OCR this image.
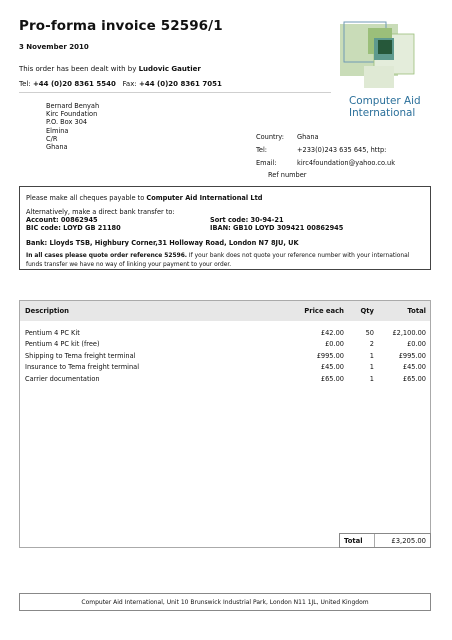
Pro-forma invoice 52596/1
3 November 2010
This order has been dealt with by Ludovic Gautier
Tel: +44 (0)20 8361 5540 Fax: +44 (0)20 8361 7051
Computer Aid
International
Bernard Benyah
Kirc Foundation
P.O. Box 304
Elmina
C/R
Ghana
Country:	Ghana
Tel:	+233(0)243 635 645, http:
Email:	kirc4foundation@yahoo.co.uk
Ref number
Please make all cheques payable to Computer Aid International Ltd
Alternatively, make a direct bank transfer to:
Account: 00862945	Sort code: 30-94-21
BIC code: LOYD GB 21180	IBAN: GB10 LOYD 309421 00862945
Bank: Lloyds TSB, Highbury Corner,31 Holloway Road, London N7 8JU, UK
In all cases please quote order reference 52596. If your bank does not quote your reference number with your international
funds transfer we have no way of linking your payment to your order.
Description	Price each	Qty	Total
Pentium 4 PC Kit	£42.00	50	£2,100.00
Pentium 4 PC kit (free)	£0.00	2	£0.00
Shipping to Tema freight terminal	£995.00	1	£995.00
Insurance to Tema freight terminal	£45.00	1	£45.00
Carrier documentation	£65.00	1	£65.00
Total	£3,205.00
Computer Aid International, Unit 10 Brunswick Industrial Park, London N11 1JL, United Kingdom
